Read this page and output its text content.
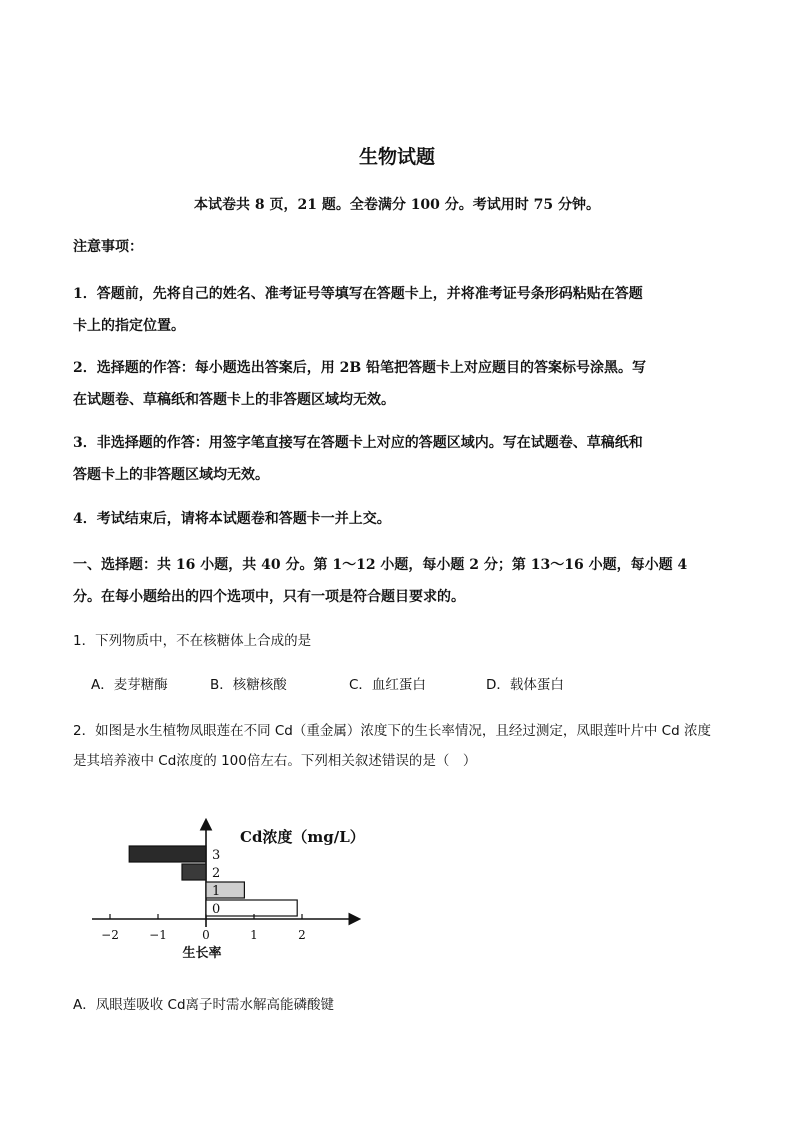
生物试题
本试卷共 8 页，21 题。全卷满分 100 分。考试用时 75 分钟。
注意事项：
1．答题前，先将自己的姓名、准考证号等填写在答题卡上，并将准考证号条形码粘贴在答题
卡上的指定位置。
2．选择题的作答：每小题选出答案后，用 2B 铅笔把答题卡上对应题目的答案标号涂黑。写
在试题卷、草稿纸和答题卡上的非答题区域均无效。
3．非选择题的作答：用签字笔直接写在答题卡上对应的答题区域内。写在试题卷、草稿纸和
答题卡上的非答题区域均无效。
4．考试结束后，请将本试题卷和答题卡一并上交。
一、选择题：共 16 小题，共 40 分。第 1～12 小题，每小题 2 分；第 13～16 小题，每小题 4
分。在每小题给出的四个选项中，只有一项是符合题目要求的。
1．下列物质中，不在核糖体上合成的是
A．麦芽糖酶	B．核糖核酸	C．血红蛋白	D．载体蛋白
2．如图是水生植物凤眼莲在不同 Cd（重金属）浓度下的生长率情况，且经过测定，凤眼莲叶片中 Cd 浓度
是其培养液中 Cd浓度的 100倍左右。下列相关叙述错误的是（　）
Cd浓度（mg/L）
生长率
0
1
2
3
−2	−1	0	1	2
A．凤眼莲吸收 Cd离子时需水解高能磷酸键
